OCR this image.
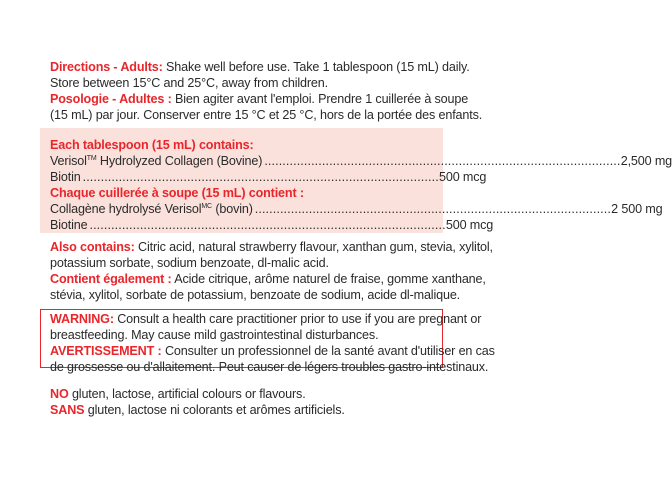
Directions - Adults: Shake well before use. Take 1 tablespoon (15 mL) daily.
Store between 15°C and 25°C, away from children.
Posologie - Adultes : Bien agiter avant l'emploi. Prendre 1 cuillerée à soupe
(15 mL) par jour. Conserver entre 15 °C et 25 °C, hors de la portée des enfants.
Each tablespoon (15 mL) contains:
Verisol™ Hydrolyzed Collagen (Bovine) . . .	2,500 mg
Biotin . . .	500 mcg
Chaque cuillerée à soupe (15 mL) contient :
Collagène hydrolysé Verisol$^{MC}$ (bovin) . . .	2 500 mg
Biotine . . .	500 mcg
Also contains: Citric acid, natural strawberry flavour, xanthan gum, stevia, xylitol,
potassium sorbate, sodium benzoate, dl-malic acid.
Contient également : Acide citrique, arôme naturel de fraise, gomme xanthane,
stévia, xylitol, sorbate de potassium, benzoate de sodium, acide dl-malique.
WARNING: Consult a health care practitioner prior to use if you are pregnant or
breastfeeding. May cause mild gastrointestinal disturbances.
AVERTISSEMENT : Consulter un professionnel de la santé avant d'utiliser en cas
de grossesse ou d'allaitement. Peut causer de légers troubles gastro-intestinaux.
NO gluten, lactose, artificial colours or flavours.
SANS gluten, lactose ni colorants et arômes artificiels.
